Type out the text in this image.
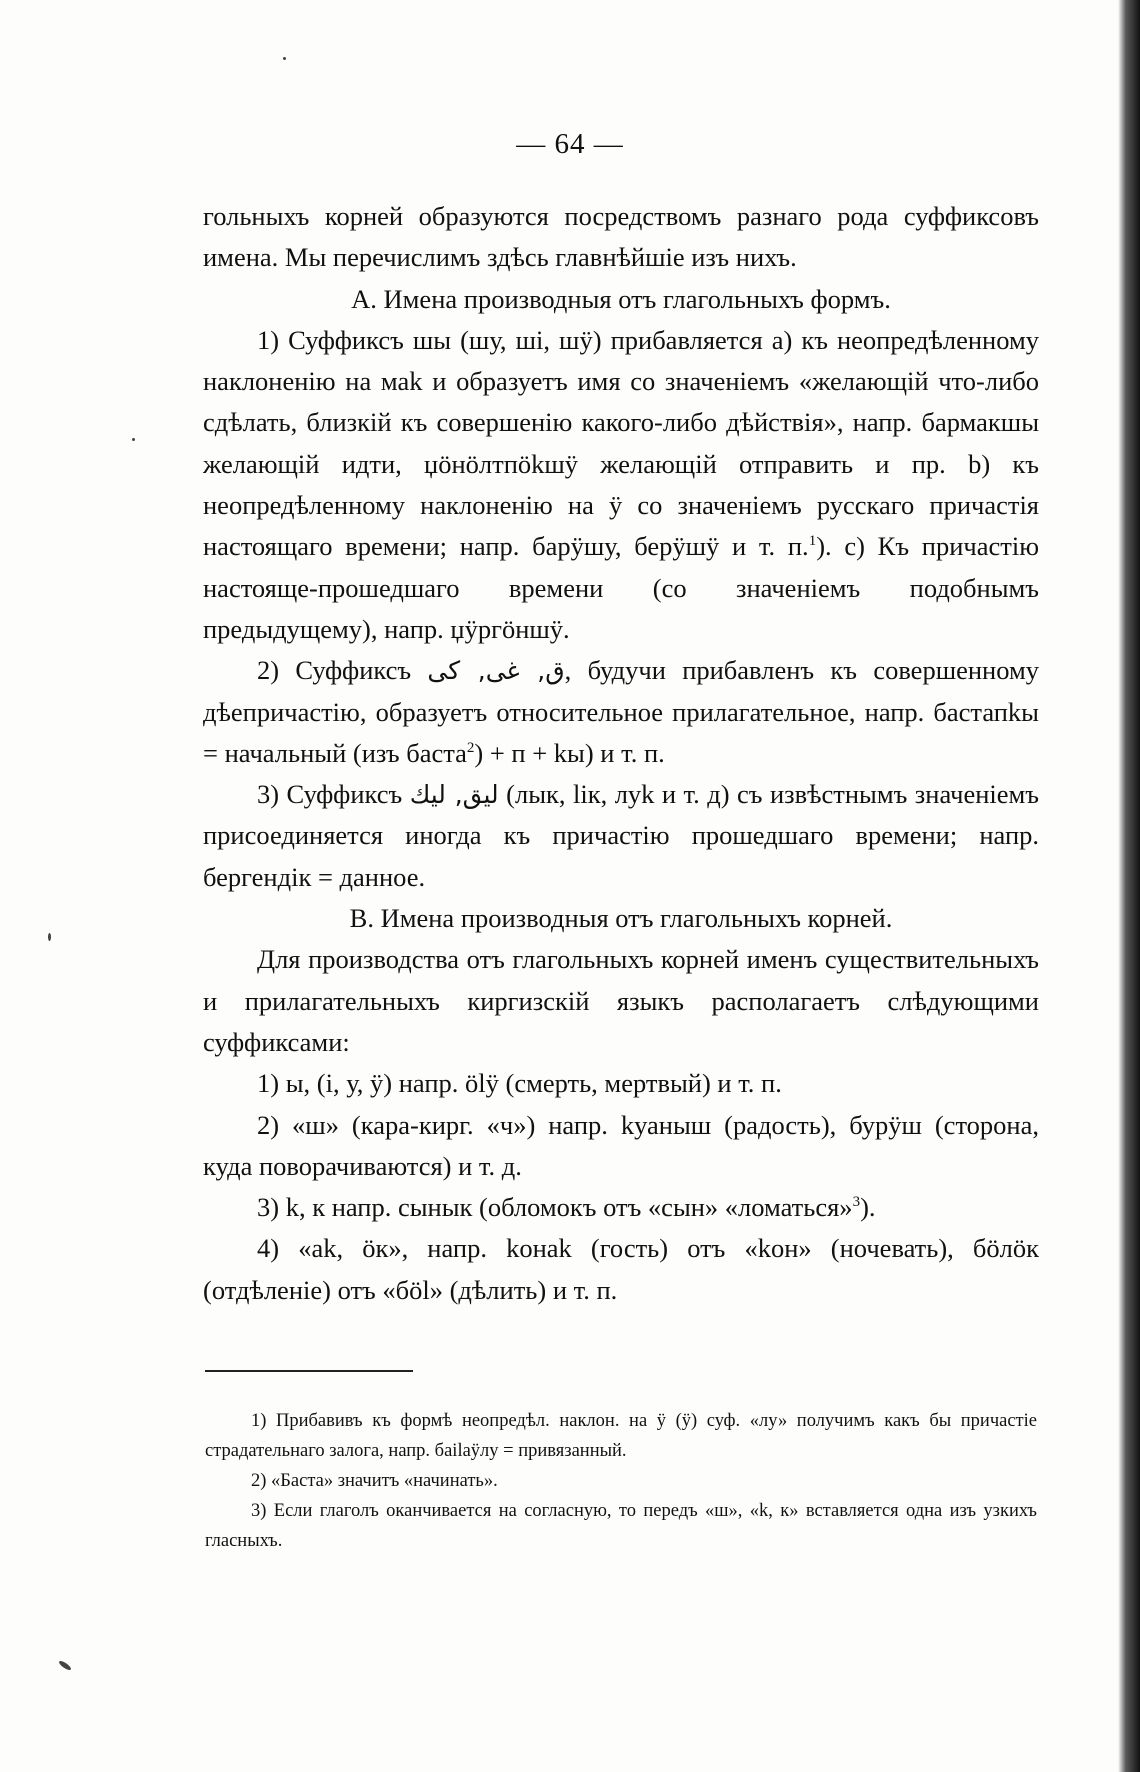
— 64 —

гольныхъ корней образуются посредствомъ разнаго рода суффиксовъ имена. Мы перечислимъ здѣсь главнѣйшіе изъ нихъ.

А. Имена производныя отъ глагольныхъ формъ.

1) Суффиксъ шы (шу, ші, шӱ) прибавляется a) къ неопредѣленному наклоненію на маk и образуетъ имя со значеніемъ «желающій что-либо сдѣлать, близкій къ совершенію какого-либо дѣйствія», напр. бармакшы желающій идти, џӧнӧлтпӧkшӱ желающій отправить и пр. b) къ неопредѣленному наклоненію на ӱ со значеніемъ русскаго причастія настоящаго времени; напр. барӱшу, берӱшӱ и т. п.$^1$). c) Къ причастію настояще-прошедшаго времени (со значеніемъ подобнымъ предыдущему), напр. џӱргӧншӱ.

2) Суффиксъ ق, غى, كى, будучи прибавленъ къ совершенному дѣепричастію, образуетъ относительное прилагательное, напр. бастапkы = начальный (изъ баста$^2$) + п + kы) и т. п.

3) Суффиксъ ليق, ليك (лык, lік, луk и т. д) съ извѣстнымъ значеніемъ присоединяется иногда къ причастію прошедшаго времени; напр. бергендік = данное.

В. Имена производныя отъ глагольныхъ корней.

Для производства отъ глагольныхъ корней именъ существительныхъ и прилагательныхъ киргизскій языкъ располагаетъ слѣдующими суффиксами:

1) ы, (і, у, ӱ) напр. ӧlӱ (смерть, мертвый) и т. п.

2) «ш» (кара-кирг. «ч») напр. kуаныш (радость), бурӱш (сторона, куда поворачиваются) и т. д.

3) k, к напр. сынык (обломокъ отъ «сын» «ломаться»$^3$).

4) «аk, ӧк», напр. kонаk (гость) отъ «kон» (ночевать), бӧлӧк (отдѣленіе) отъ «бӧl» (дѣлить) и т. п.

1) Прибавивъ къ формѣ неопредѣл. наклон. на ӱ (ӱ) суф. «лу» получимъ какъ бы причастіе страдательнаго залога, напр. баіlаӱлу = привязанный.

2) «Баста» значитъ «начинать».

3) Если глаголъ оканчивается на согласную, то передъ «ш», «k, к» вставляется одна изъ узкихъ гласныхъ.
